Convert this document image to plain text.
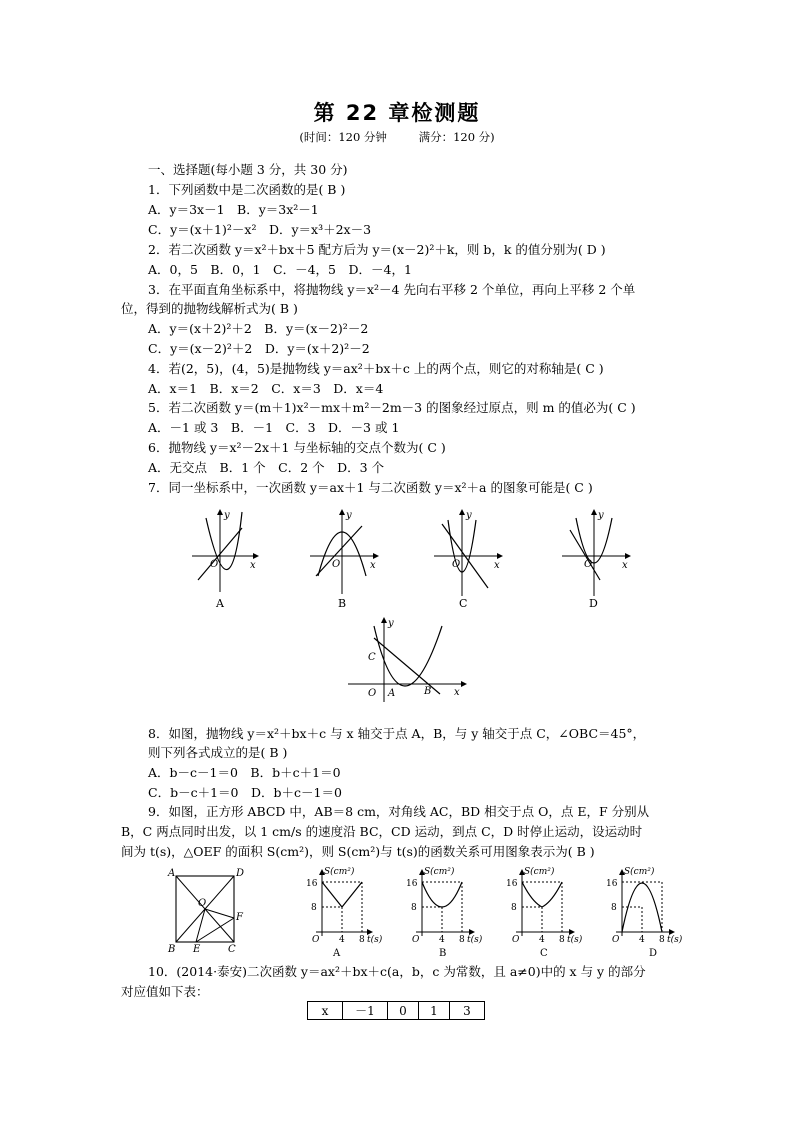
第 22 章检测题
(时间：120 分钟	满分：120 分)
一、选择题(每小题 3 分，共 30 分)
1．下列函数中是二次函数的是( B )
A．y＝3x－1　B．y＝3x²－1
C．y＝(x＋1)²－x²　D．y＝x³＋2x－3
2．若二次函数 y＝x²＋bx＋5 配方后为 y＝(x－2)²＋k，则 b，k 的值分别为( D )
A．0，5　B．0，1　C．－4，5　D．－4，1
3．在平面直角坐标系中，将抛物线 y＝x²－4 先向右平移 2 个单位，再向上平移 2 个单
位，得到的抛物线解析式为( B )
A．y＝(x＋2)²＋2　B．y＝(x－2)²－2
C．y＝(x－2)²＋2　D．y＝(x＋2)²－2
4．若(2，5)，(4，5)是抛物线 y＝ax²＋bx＋c 上的两个点，则它的对称轴是( C )
A．x＝1　B．x＝2　C．x＝3　D．x＝4
5．若二次函数 y＝(m＋1)x²－mx＋m²－2m－3 的图象经过原点，则 m 的值必为( C )
A．－1 或 3　B．－1　C．3　D．－3 或 1
6．抛物线 y＝x²－2x＋1 与坐标轴的交点个数为( C )
A．无交点　B．1 个　C．2 个　D．3 个
7．同一坐标系中，一次函数 y＝ax＋1 与二次函数 y＝x²＋a 的图象可能是( C )
y
x
O
A
y
x
O
B
y
x
O
C
y
x
O
D
y
x
O A	B
C
8．如图，抛物线 y＝x²＋bx＋c 与 x 轴交于点 A，B，与 y 轴交于点 C，∠OBC＝45°，
则下列各式成立的是( B )
A．b－c－1＝0　B．b＋c＋1＝0
C．b－c＋1＝0　D．b＋c－1＝0
9．如图，正方形 ABCD 中，AB＝8 cm，对角线 AC，BD 相交于点 O，点 E，F 分别从
B，C 两点同时出发，以 1 cm/s 的速度沿 BC，CD 运动，到点 C，D 时停止运动，设运动时
间为 t(s)，△OEF 的面积 S(cm²)，则 S(cm²)与 t(s)的函数关系可用图象表示为( B )
A	D
B	C
O
E
F
S(cm²)
16
8
O 4 8 t(s)
A
S(cm²)
16
8
O 4 8 t(s)
B
S(cm²)
16
8
O 4 8 t(s)
C
S(cm²)
16
8
O 4 8 t(s)
D
10．(2014·泰安)二次函数 y＝ax²＋bx＋c(a，b，c 为常数，且 a≠0)中的 x 与 y 的部分
对应值如下表：
x	－1	0	1	3
